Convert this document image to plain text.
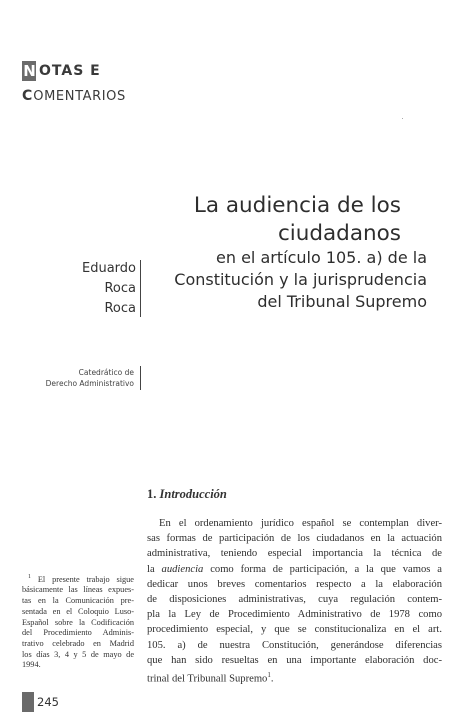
N OTAS E
C OMENTARIOS
La audiencia de los
ciudadanos
en el artículo 105. a) de la
Constitución y la jurisprudencia
del Tribunal Supremo
Eduardo
Roca
Roca
Catedrático de
Derecho Administrativo
1. Introducción
En el ordenamiento jurídico español se contemplan diver-
sas formas de participación de los ciudadanos en la actuación
administrativa, teniendo especial importancia la técnica de
la audiencia como forma de participación, a la que vamos a
dedicar unos breves comentarios respecto a la elaboración
de disposiciones administrativas, cuya regulación contem-
pla la Ley de Procedimiento Administrativo de 1978 como
procedimiento especial, y que se constitucionaliza en el art.
105. a) de nuestra Constitución, generándose diferencias
que han sido resueltas en una importante elaboración doc-
trinal del Tribunall Supremo$^1$.
$^1$ El presente trabajo sigue
básicamente las líneas expues-
tas en la Comunicación pre-
sentada en el Coloquio Luso-
Español sobre la Codificación
del Procedimiento Adminis-
trativo celebrado en Madrid
los días 3, 4 y 5 de mayo de
1994.
245
